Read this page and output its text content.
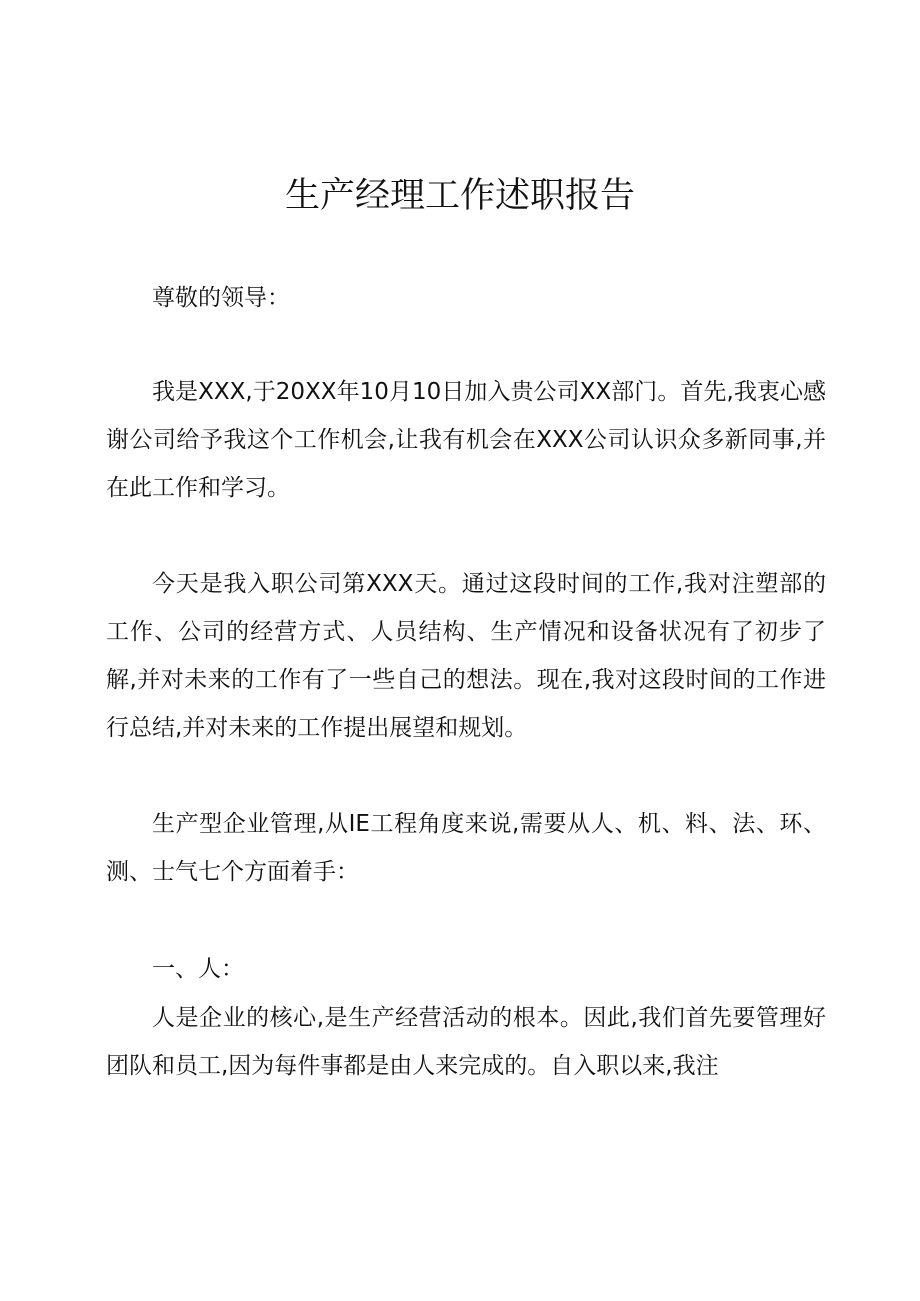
生产经理工作述职报告

尊敬的领导：

我是XXX,于20XX年10月10日加入贵公司XX部门。首先,我衷心感谢公司给予我这个工作机会,让我有机会在XXX公司认识众多新同事,并在此工作和学习。

今天是我入职公司第XXX天。通过这段时间的工作,我对注塑部的工作、公司的经营方式、人员结构、生产情况和设备状况有了初步了解,并对未来的工作有了一些自己的想法。现在,我对这段时间的工作进行总结,并对未来的工作提出展望和规划。

生产型企业管理,从IE工程角度来说,需要从人、机、料、法、环、测、士气七个方面着手：

一、人：

人是企业的核心,是生产经营活动的根本。因此,我们首先要管理好团队和员工,因为每件事都是由人来完成的。自入职以来,我注
